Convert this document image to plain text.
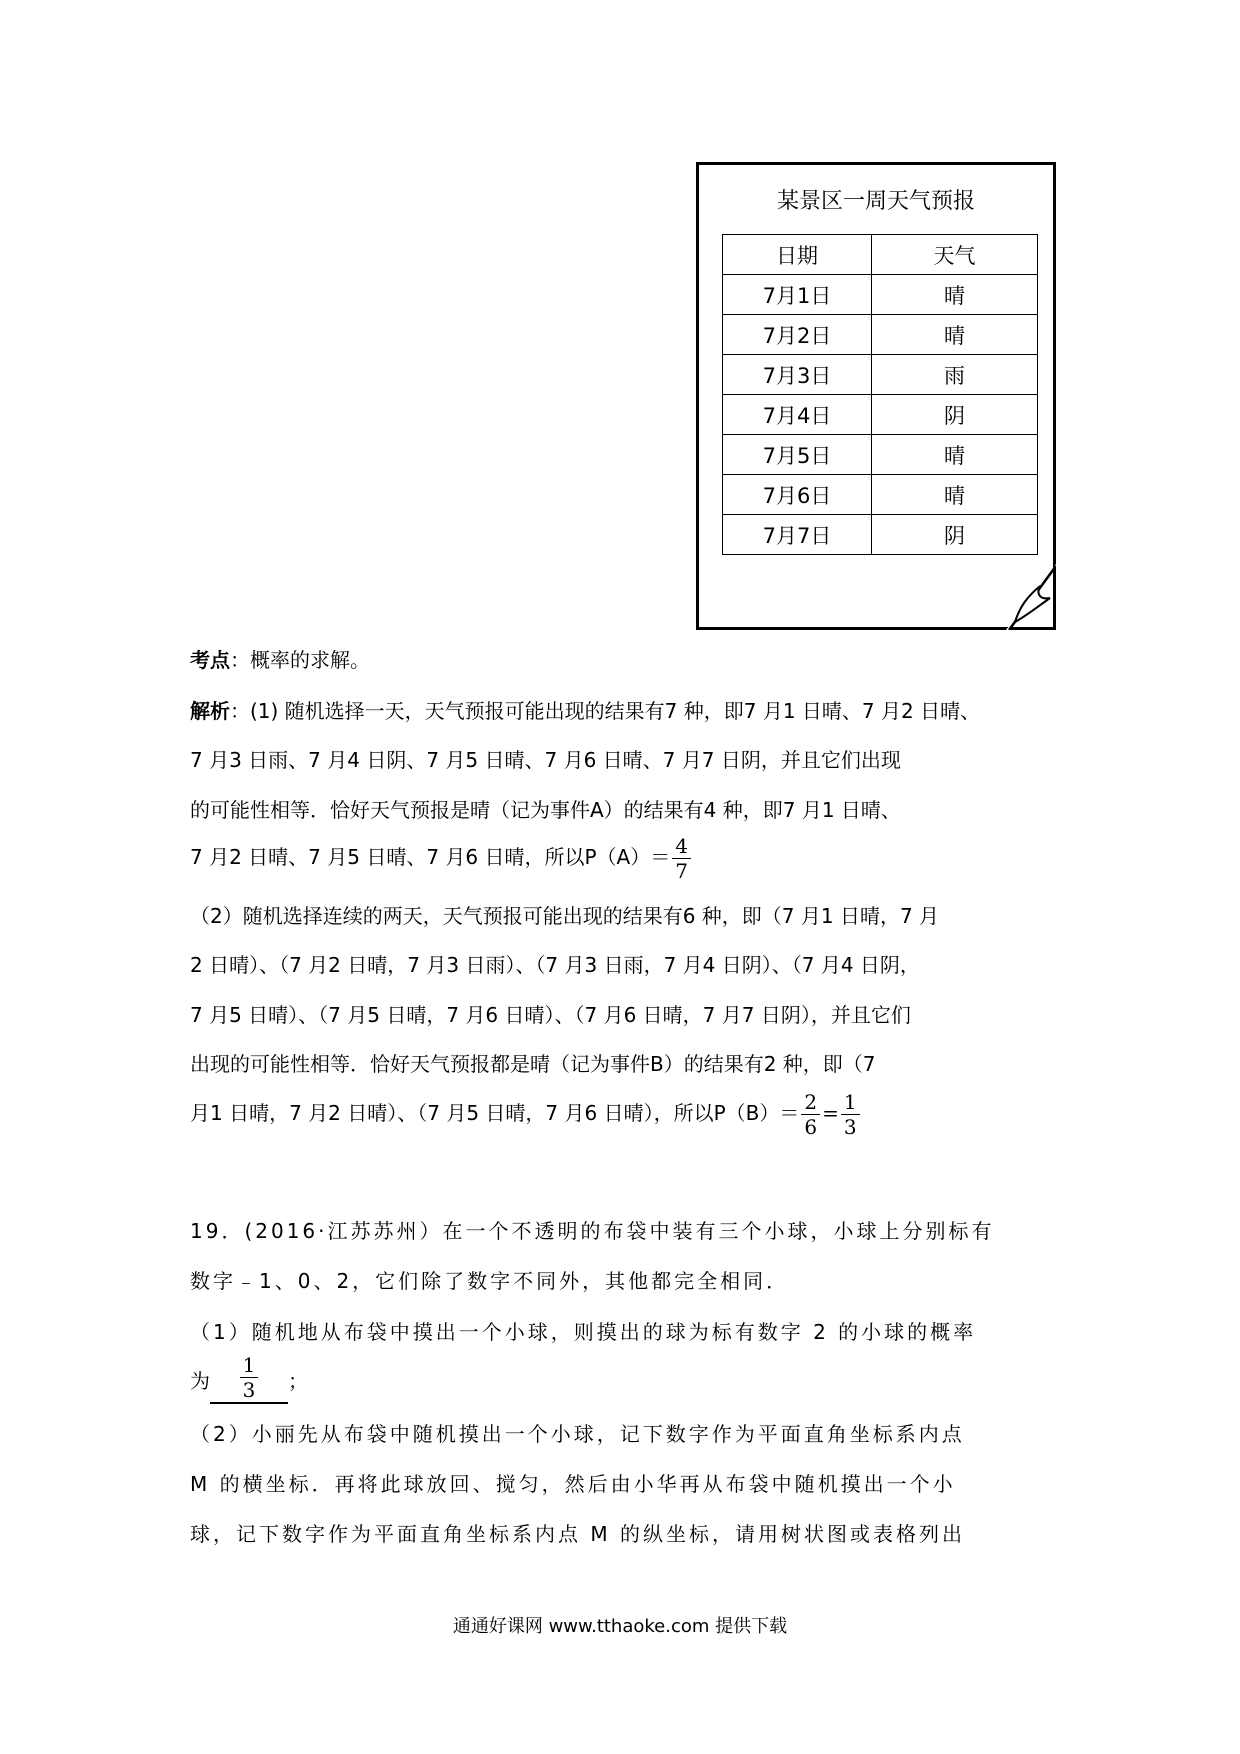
某景区一周天气预报
日期	天气
7月1日	晴
7月2日	晴
7月3日	雨
7月4日	阴
7月5日	晴
7月6日	晴
7月7日	阴
考点：概率的求解。
解析：(1) 随机选择一天，天气预报可能出现的结果有7 种，即7 月1 日晴、7 月2 日晴、
7 月3 日雨、7 月4 日阴、7 月5 日晴、7 月6 日晴、7 月7 日阴，并且它们出现
的可能性相等．恰好天气预报是晴（记为事件A）的结果有4 种，即7 月1 日晴、
7 月2 日晴、7 月5 日晴、7 月6 日晴，所以$P(A)= \frac{4}{7}$
（2）随机选择连续的两天，天气预报可能出现的结果有6 种，即（7 月1 日晴，7 月
2 日晴）、（7 月2 日晴，7 月3 日雨）、（7 月3 日雨，7 月4 日阴）、（7 月4 日阴，
7 月5 日晴）、（7 月5 日晴，7 月6 日晴）、（7 月6 日晴，7 月7 日阴），并且它们
出现的可能性相等．恰好天气预报都是晴（记为事件B）的结果有2 种，即（7
月1 日晴，7 月2 日晴）、（7 月5 日晴，7 月6 日晴），所以$P(B)= \frac{2}{6} = \frac{1}{3}$
19．(2016·江苏苏州）在一个不透明的布袋中装有三个小球，小球上分别标有
数字﹣1、0、2，它们除了数字不同外，其他都完全相同．
（1）随机地从布袋中摸出一个小球，则摸出的球为标有数字 2 的小球的概率
为 $\frac{1}{3}$ ；
（2）小丽先从布袋中随机摸出一个小球，记下数字作为平面直角坐标系内点
M 的横坐标．再将此球放回、搅匀，然后由小华再从布袋中随机摸出一个小
球，记下数字作为平面直角坐标系内点 M 的纵坐标，请用树状图或表格列出
通通好课网 www.tthaoke.com 提供下载
